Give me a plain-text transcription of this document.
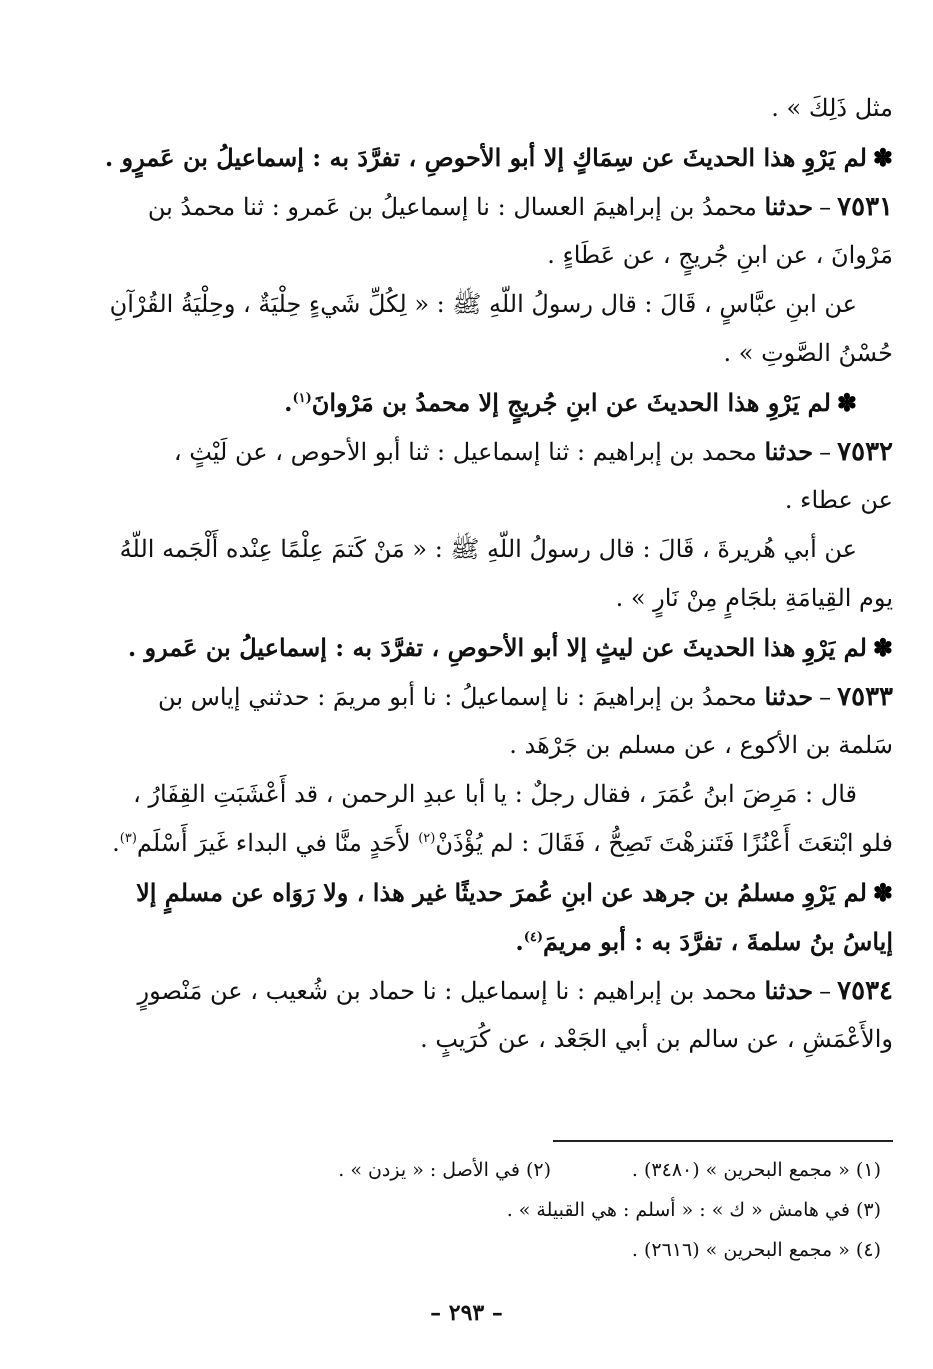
مثل ذَلِكَ » .
✽لم يَرْوِ هذا الحديثَ عن سِمَاكٍ إلا أبو الأحوصِ ، تفرَّدَ به : إسماعيلُ بن عَمرٍو .
٧٥٣١–حدثنا محمدُ بن إبراهيمَ العسال : نا إسماعيلُ بن عَمرو : ثنا محمدُ بن
مَرْوانَ ، عن ابنِ جُريجٍ ، عن عَطَاءٍ .
عن ابنِ عبَّاسٍ ، قَالَ : قال رسولُ اللّهِ ﷺ : « لِكُلِّ شَيءٍ حِلْيَةٌ ، وحِلْيَةُ القُرْآنِ
حُسْنُ الصَّوتِ » .
✽لم يَرْوِ هذا الحديثَ عن ابنِ جُريجٍ إلا محمدُ بن مَرْوانَ$^{(١)}$.
٧٥٣٢–حدثنا محمد بن إبراهيم : ثنا إسماعيل : ثنا أبو الأحوص ، عن لَيْثٍ ،
عن عطاء .
عن أبي هُريرةَ ، قَالَ : قال رسولُ اللّهِ ﷺ : « مَنْ كَتمَ عِلْمًا عِنْده أَلْجَمه اللّهُ
يوم القِيامَةِ بلجَامٍ مِنْ نَارٍ » .
✽لم يَرْوِ هذا الحديثَ عن ليثٍ إلا أبو الأحوصِ ، تفرَّدَ به : إسماعيلُ بن عَمرو .
٧٥٣٣–حدثنا محمدُ بن إبراهيمَ : نا إسماعيلُ : نا أبو مريمَ : حدثني إياس بن
سَلمة بن الأكوع ، عن مسلم بن جَرْهَد .
قال : مَرِضَ ابنُ عُمَرَ ، فقال رجلٌ : يا أبا عبدِ الرحمن ، قد أَعْشَبَتِ القِفَارُ ،
فلو ابْتعَتَ أَعْنُزًا فَتَنزهْتَ تَصِحُّ ، فَقَالَ : لم يُؤْذَنْ$^{(٢)}$ لأَحَدٍ منَّا في البداء غَيرَ أَسْلَم$^{(٣)}$.
✽لم يَرْوِ مسلمُ بن جرهد عن ابنِ عُمرَ حديثًا غير هذا ، ولا رَوَاه عن مسلمٍ إلا
إياسُ بنُ سلمةَ ، تفرَّدَ به : أبو مريمَ$^{(٤)}$.
٧٥٣٤–حدثنا محمد بن إبراهيم : نا إسماعيل : نا حماد بن شُعيب ، عن مَنْصورٍ
والأَعْمَشِ ، عن سالم بن أبي الجَعْد ، عن كُرَيبٍ .
(١) « مجمع البحرين » (٣٤٨٠) .
(٢) في الأصل : « يزدن » .
(٣) في هامش « ك » : « أسلم : هي القبيلة » .
(٤) « مجمع البحرين » (٢٦١٦) .
– ٢٩٣ –
